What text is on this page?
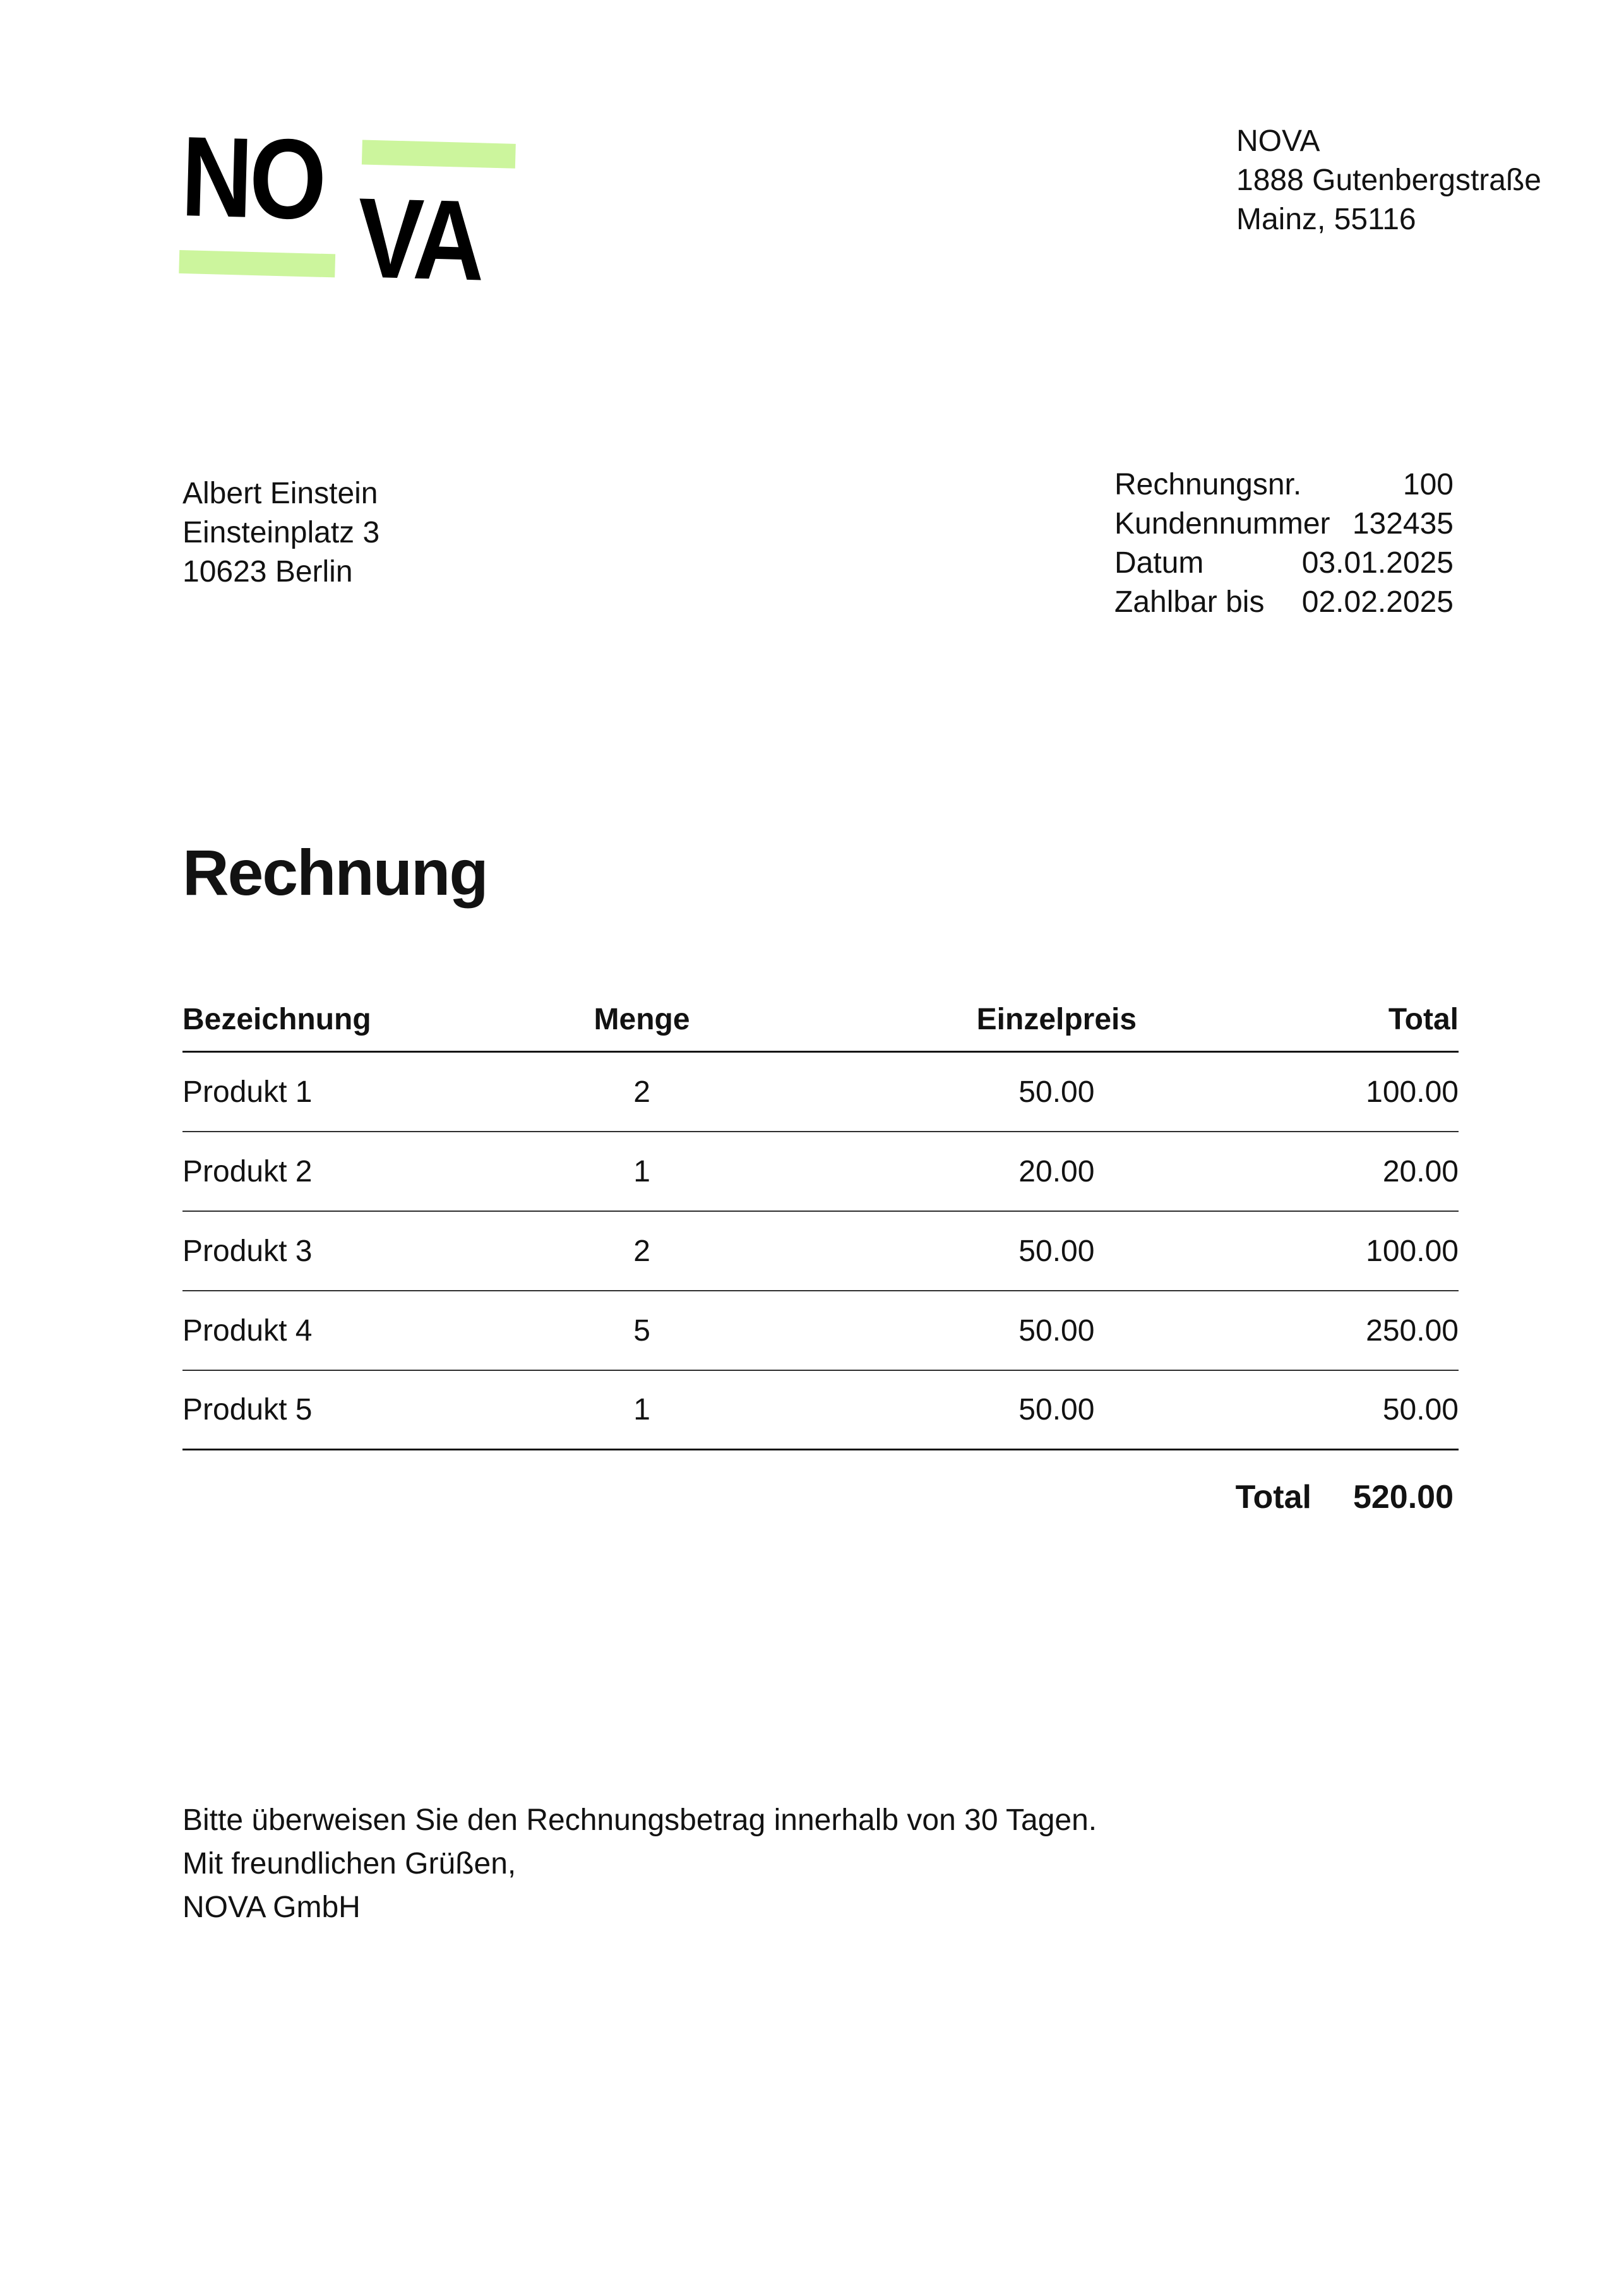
NO VA
NOVA
1888 Gutenbergstraße
Mainz, 55116
Albert Einstein
Einsteinplatz 3
10623 Berlin
Rechnungsnr.	100
Kundennummer 132435
Datum	03.01.2025
Zahlbar bis 02.02.2025
Rechnung
Bezeichnung	Menge	Einzelpreis	Total
Produkt 1	2	50.00	100.00
Produkt 2	1	20.00	20.00
Produkt 3	2	50.00	100.00
Produkt 4	5	50.00	250.00
Produkt 5	1	50.00	50.00
Total 520.00
Bitte überweisen Sie den Rechnungsbetrag innerhalb von 30 Tagen.
Mit freundlichen Grüßen,
NOVA GmbH
